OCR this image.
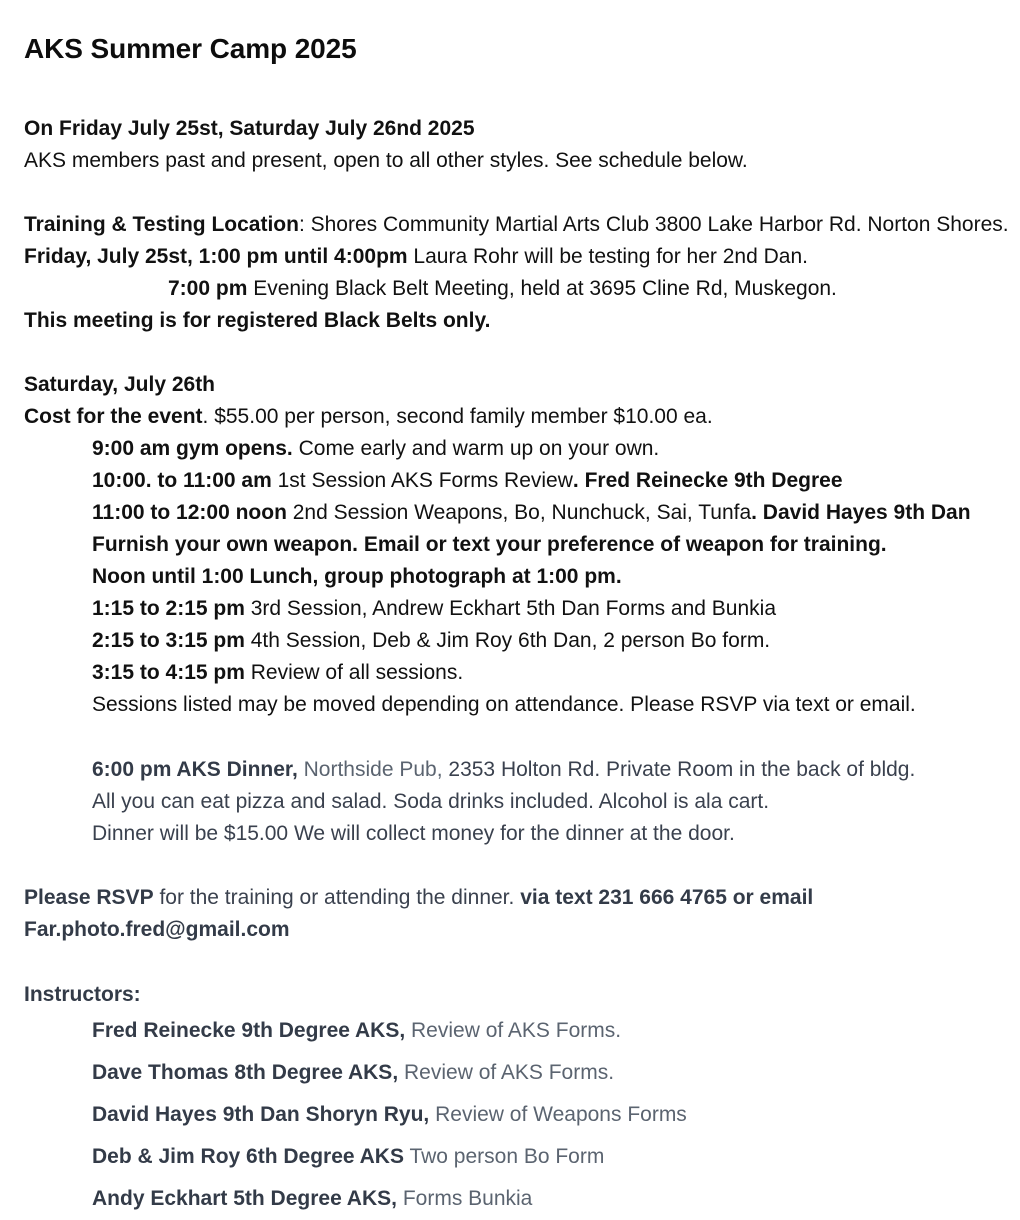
AKS Summer Camp 2025
On Friday July 25st, Saturday July 26nd 2025
AKS members past and present, open to all other styles. See schedule below.
Training & Testing Location: Shores Community Martial Arts Club 3800 Lake Harbor Rd. Norton Shores.
Friday, July 25st, 1:00 pm until 4:00pm Laura Rohr will be testing for her 2nd Dan.
7:00 pm Evening Black Belt Meeting, held at 3695 Cline Rd, Muskegon.
This meeting is for registered Black Belts only.
Saturday, July 26th
Cost for the event. $55.00 per person, second family member $10.00 ea.
9:00 am gym opens. Come early and warm up on your own.
10:00. to 11:00 am 1st Session AKS Forms Review. Fred Reinecke 9th Degree
11:00 to 12:00 noon 2nd Session Weapons, Bo, Nunchuck, Sai, Tunfa. David Hayes 9th Dan
Furnish your own weapon. Email or text your preference of weapon for training.
Noon until 1:00 Lunch, group photograph at 1:00 pm.
1:15 to 2:15 pm 3rd Session, Andrew Eckhart 5th Dan Forms and Bunkia
2:15 to 3:15 pm 4th Session, Deb & Jim Roy 6th Dan, 2 person Bo form.
3:15 to 4:15 pm Review of all sessions.
Sessions listed may be moved depending on attendance. Please RSVP via text or email.
6:00 pm AKS Dinner, Northside Pub, 2353 Holton Rd. Private Room in the back of bldg.
All you can eat pizza and salad. Soda drinks included. Alcohol is ala cart.
Dinner will be $15.00 We will collect money for the dinner at the door.
Please RSVP for the training or attending the dinner. via text 231 666 4765 or email
Far.photo.fred@gmail.com
Instructors:
Fred Reinecke 9th Degree AKS, Review of AKS Forms.
Dave Thomas 8th Degree AKS, Review of AKS Forms.
David Hayes 9th Dan Shoryn Ryu, Review of Weapons Forms
Deb & Jim Roy 6th Degree AKS Two person Bo Form
Andy Eckhart 5th Degree AKS, Forms Bunkia
